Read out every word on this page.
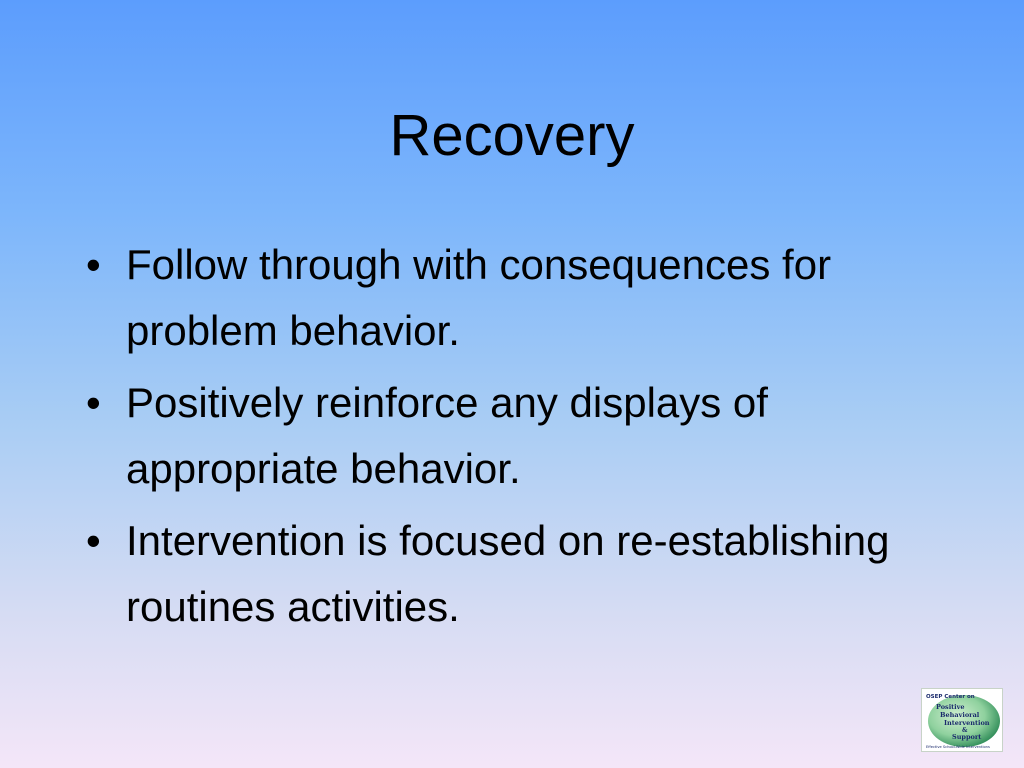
Recovery
• Follow through with consequences for problem behavior.
• Positively reinforce any displays of appropriate behavior.
• Intervention is focused on re-establishing routines activities.
OSEP Center on
Positive
Behavioral
Intervention
&
Support
Effective School-Wide Interventions
